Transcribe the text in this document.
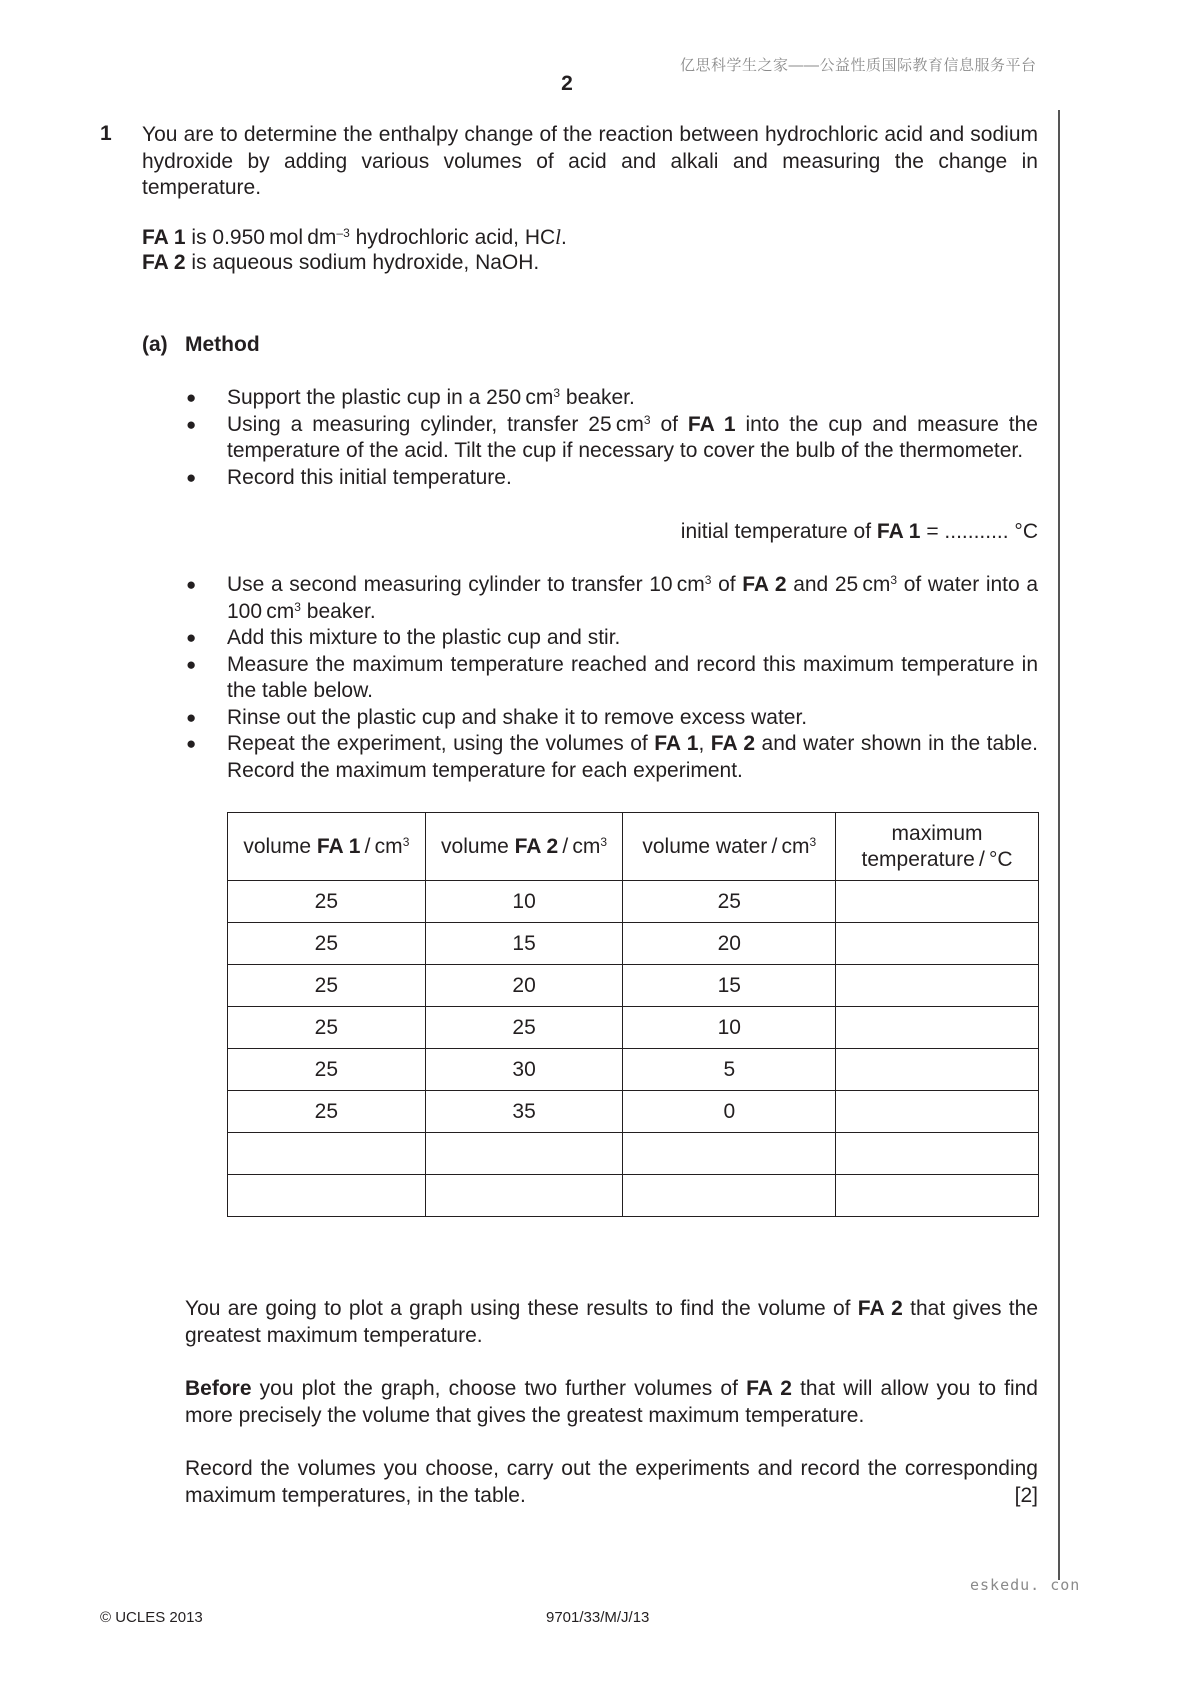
亿思科学生之家——公益性质国际教育信息服务平台
2
1 You are to determine the enthalpy change of the reaction between hydrochloric acid and sodium hydroxide by adding various volumes of acid and alkali and measuring the change in temperature.
FA 1 is 0.950 mol $dm^{-3}$ hydrochloric acid, HCl.
FA 2 is aqueous sodium hydroxide, NaOH.
(a) Method
● Support the plastic cup in a 250 $cm^3$ beaker.
● Using a measuring cylinder, transfer 25 $cm^3$ of FA 1 into the cup and measure the temperature of the acid. Tilt the cup if necessary to cover the bulb of the thermometer.
● Record this initial temperature.
initial temperature of FA 1 = ........... °C
● Use a second measuring cylinder to transfer 10 $cm^3$ of FA 2 and 25 $cm^3$ of water into a 100 $cm^3$ beaker.
● Add this mixture to the plastic cup and stir.
● Measure the maximum temperature reached and record this maximum temperature in the table below.
● Rinse out the plastic cup and shake it to remove excess water.
● Repeat the experiment, using the volumes of FA 1, FA 2 and water shown in the table. Record the maximum temperature for each experiment.
volume FA $1 / cm^3$	volume FA $2 / cm^3$	volume water / $cm^3$	maximum
temperature / °C
25	10	25	
25	15	20	
25	20	15	
25	25	10	
25	30	5	
25	35	0	

You are going to plot a graph using these results to find the volume of FA 2 that gives the greatest maximum temperature.
Before you plot the graph, choose two further volumes of FA 2 that will allow you to find more precisely the volume that gives the greatest maximum temperature.
Record the volumes you choose, carry out the experiments and record the corresponding maximum temperatures, in the table.	[2]
eskedu. con
© UCLES 2013	9701/33/M/J/13
